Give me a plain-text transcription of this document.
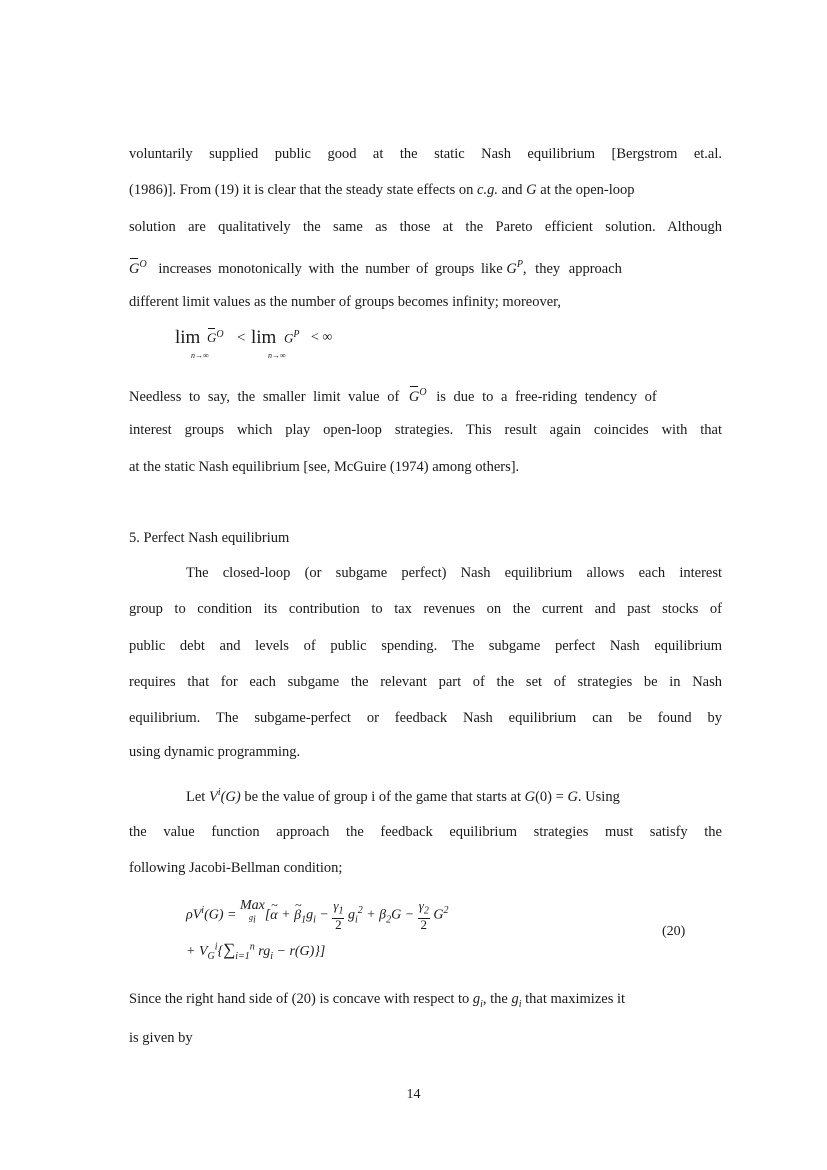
voluntarily supplied public good at the static Nash equilibrium [Bergstrom et.al.
(1986)]. From (19) it is clear that the steady state effects on c.g. and G at the open-loop
solution are qualitatively the same as those at the Pareto efficient solution. Although
$G^O$ increases monotonically with the number of groups like $G^P$, they approach
different limit values as the number of groups becomes infinity; moreover,
lim
n→∞
$G^O < \lim$
n→∞
$G^P$ < ∞
Needless to say, the smaller limit value of $G^O$ is due to a free-riding tendency of
interest groups which play open-loop strategies. This result again coincides with that
at the static Nash equilibrium [see, McGuire (1974) among others].
5. Perfect Nash equilibrium
The closed-loop (or subgame perfect) Nash equilibrium allows each interest
group to condition its contribution to tax revenues on the current and past stocks of
public debt and levels of public spending. The subgame perfect Nash equilibrium
requires that for each subgame the relevant part of the set of strategies be in Nash
equilibrium. The subgame-perfect or feedback Nash equilibrium can be found by
using dynamic programming.
Let $V^i(G)$ be the value of group i of the game that starts at G(0) = G. Using
the value function approach the feedback equilibrium strategies must satisfy the
following Jacobi-Bellman condition;
$\rho V^i(G)$ = Max
$g_i$ [~ α + ~ $\beta_1g_i - \frac{\gamma_1}{2} g_i^2 + \beta_2G - \frac{\gamma_2}{2} G^2$
+ $V_G^i\{\sum_{i=1}^n$ $rg_i - r(G)$}]
(20)
Since the right hand side of (20) is concave with respect to $g_i$, the $g_i$ that maximizes it
is given by
14
